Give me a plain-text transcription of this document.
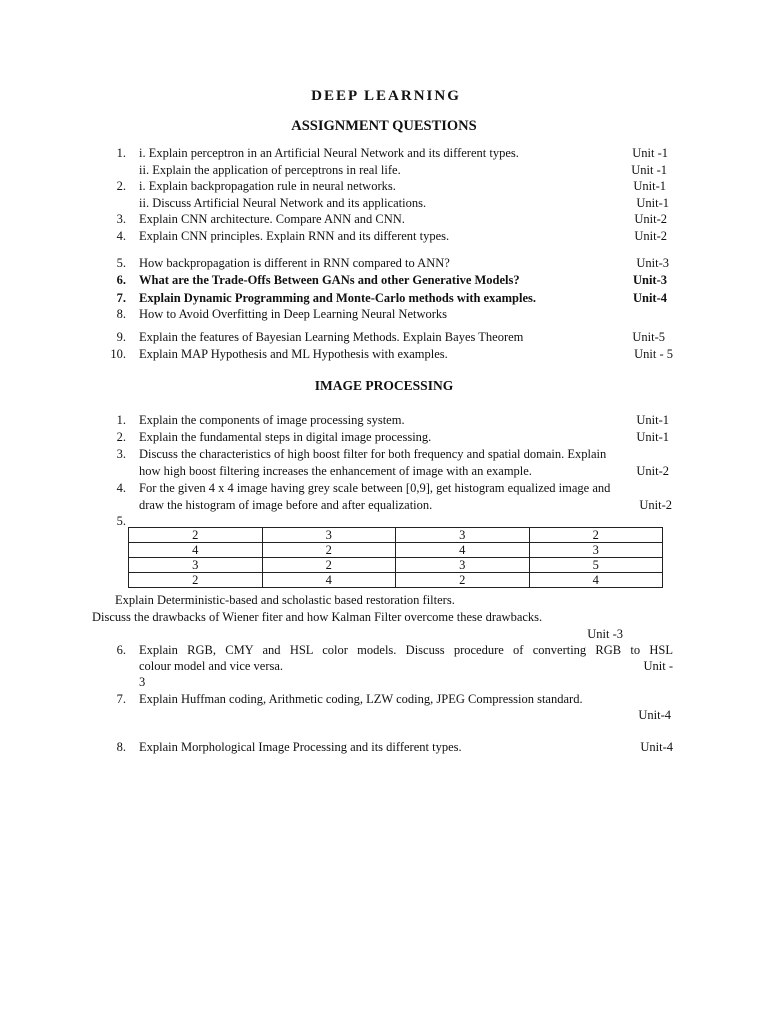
DEEP LEARNING
ASSIGNMENT QUESTIONS
1. i. Explain perceptron in an Artificial Neural Network and its different types.	Unit -1
ii. Explain the application of perceptrons in real life.	Unit -1
2. i. Explain backpropagation rule in neural networks.	Unit-1
ii. Discuss Artificial Neural Network and its applications.	Unit-1
3. Explain CNN architecture. Compare ANN and CNN.	Unit-2
4. Explain CNN principles. Explain RNN and its different types.	Unit-2
5. How backpropagation is different in RNN compared to ANN?	Unit-3
6. What are the Trade-Offs Between GANs and other Generative Models?	Unit-3
7. Explain Dynamic Programming and Monte-Carlo methods with examples.	Unit-4
8. How to Avoid Overfitting in Deep Learning Neural Networks
9. Explain the features of Bayesian Learning Methods. Explain Bayes Theorem	Unit-5
10. Explain MAP Hypothesis and ML Hypothesis with examples.	Unit - 5
IMAGE PROCESSING
1. Explain the components of image processing system.	Unit-1
2. Explain the fundamental steps in digital image processing.	Unit-1
3. Discuss the characteristics of high boost filter for both frequency and spatial domain. Explain
how high boost filtering increases the enhancement of image with an example.	Unit-2
4. For the given 4 x 4 image having grey scale between [0,9], get histogram equalized image and
draw the histogram of image before and after equalization.	Unit-2
5.
2	3	3	2
4	2	4	3
3	2	3	5
2	4	2	4
Explain Deterministic-based and scholastic based restoration filters.
Discuss the drawbacks of Wiener fiter and how Kalman Filter overcome these drawbacks.
Unit -3
6. Explain RGB, CMY and HSL color models. Discuss procedure of converting RGB to HSL
colour model and vice versa.	Unit -
3
7. Explain Huffman coding, Arithmetic coding, LZW coding, JPEG Compression standard.
Unit-4
8. Explain Morphological Image Processing and its different types.	Unit-4
